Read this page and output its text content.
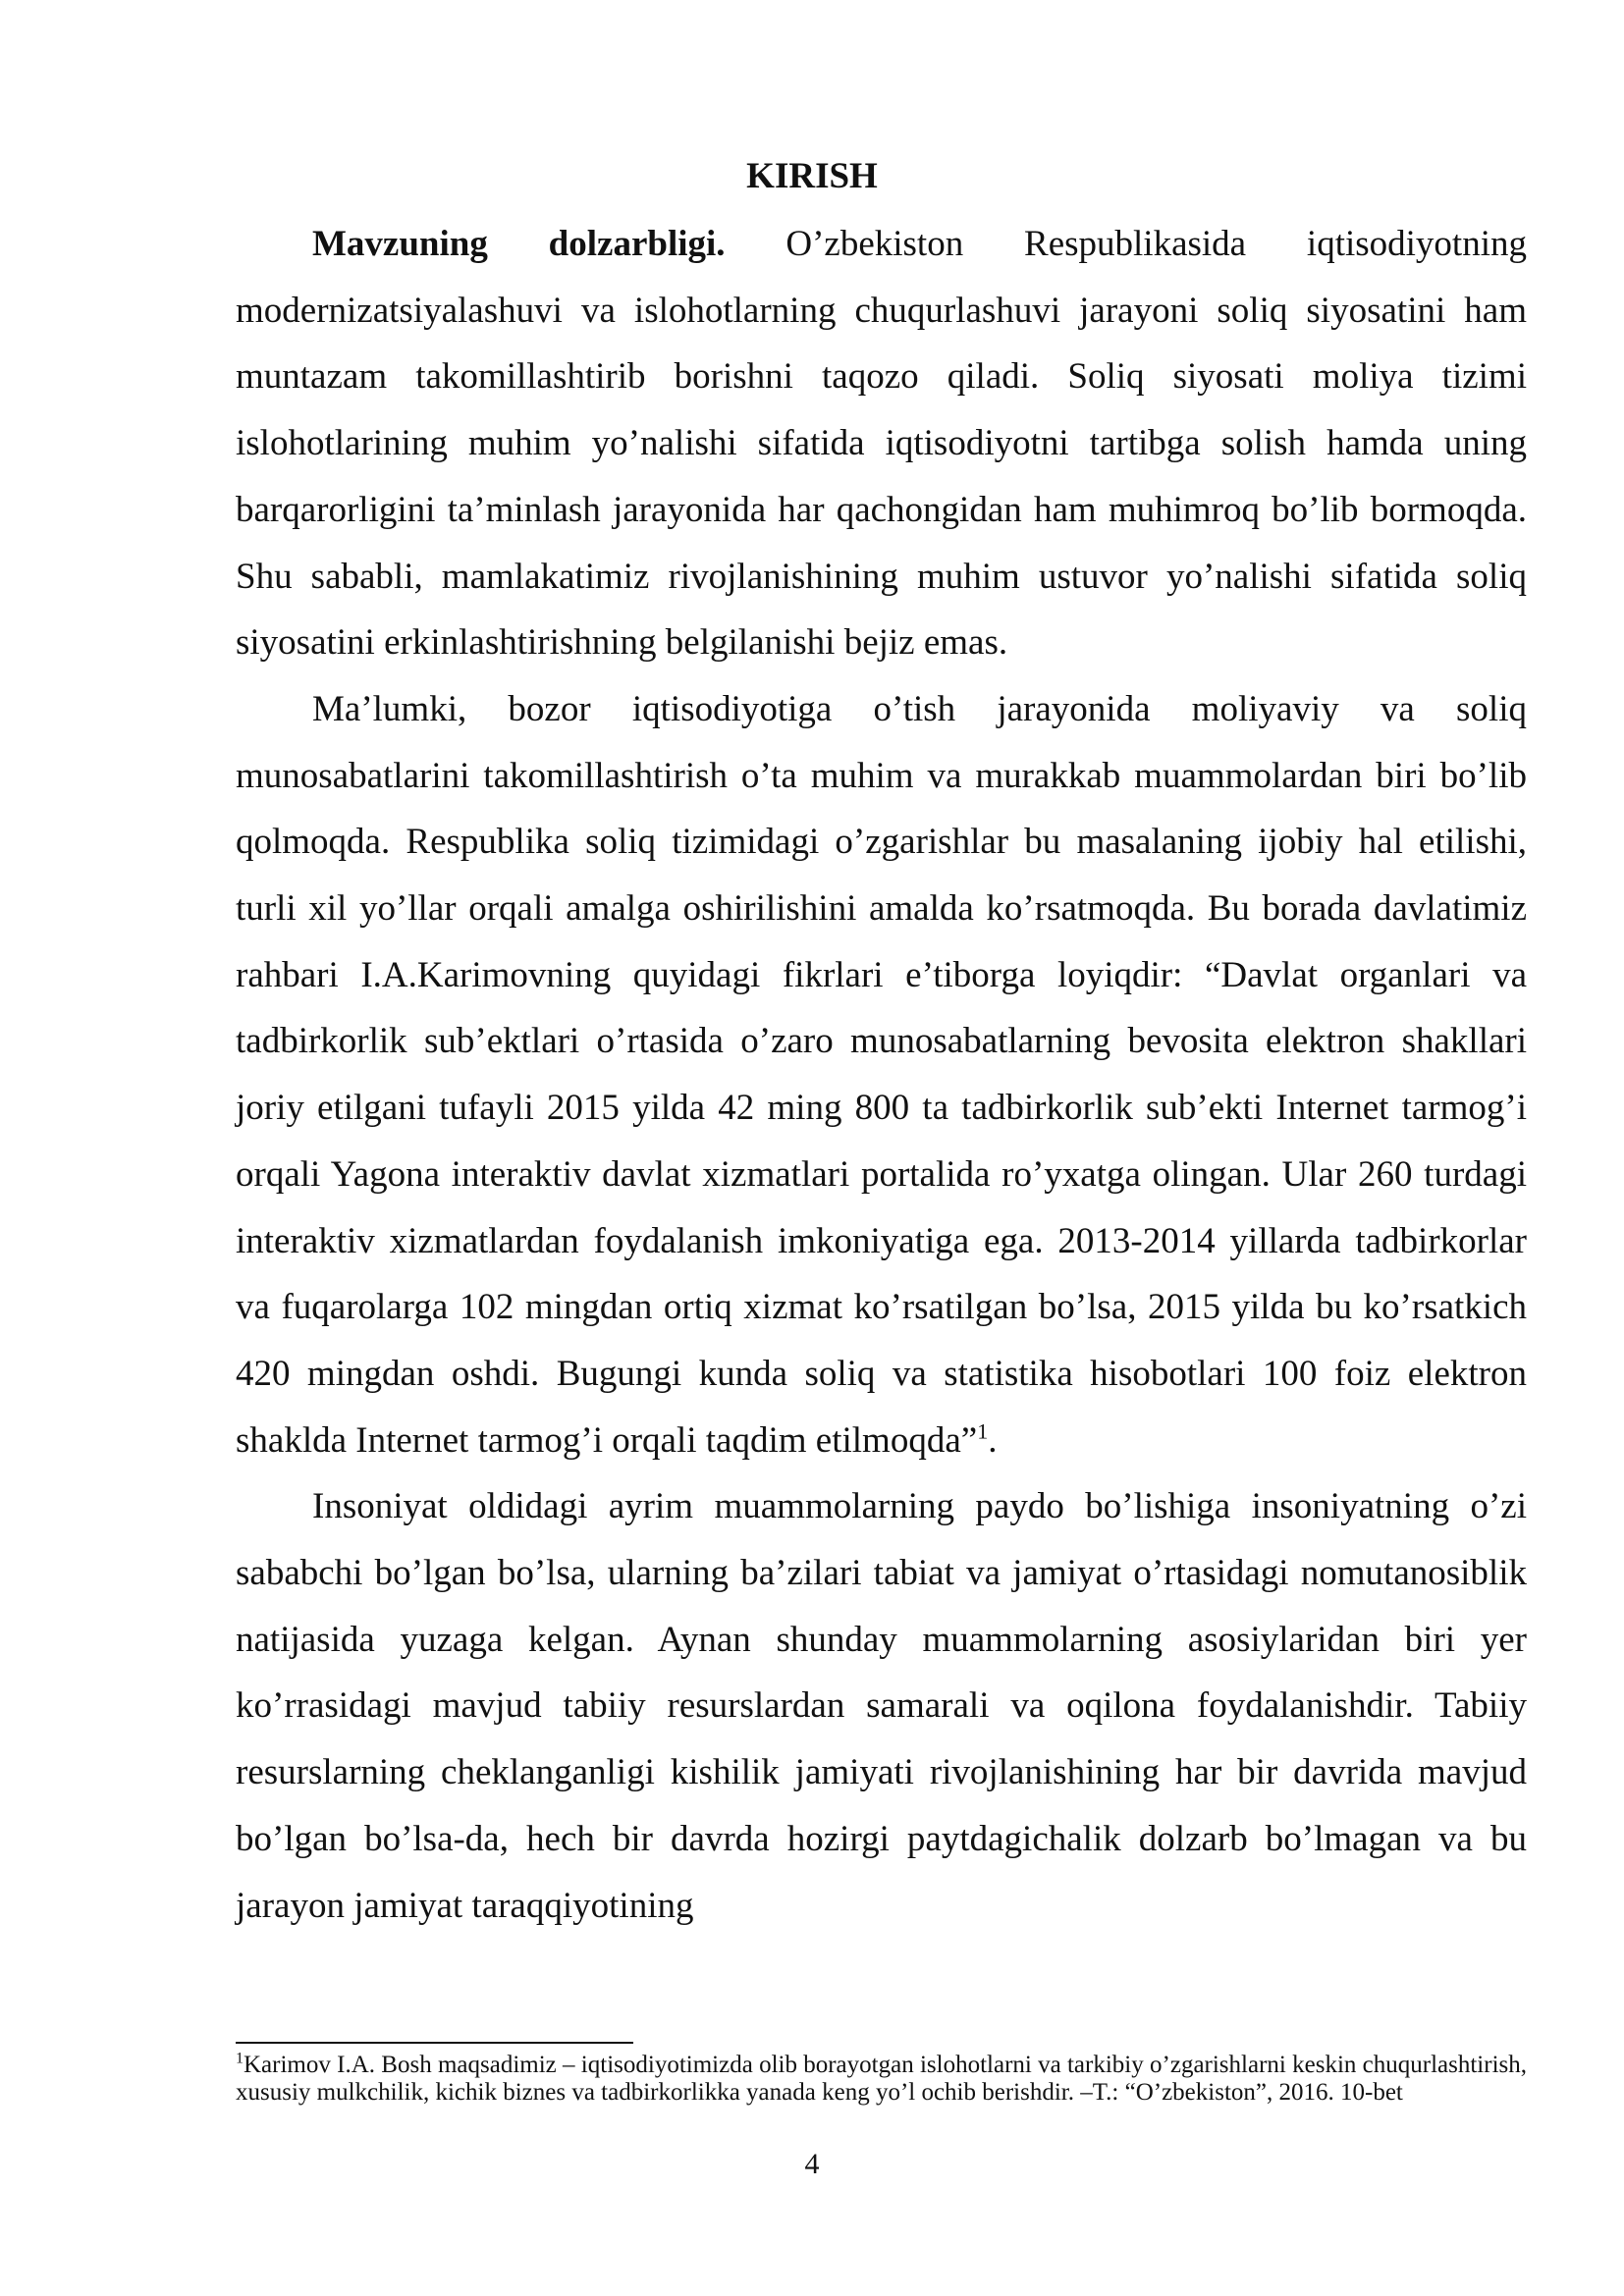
KIRISH

Mavzuning dolzarbligi. O’zbekiston Respublikasida iqtisodiyotning modernizatsiyalashuvi va islohotlarning chuqurlashuvi jarayoni soliq siyosatini ham muntazam takomillashtirib borishni taqozo qiladi. Soliq siyosati moliya tizimi islohotlarining muhim yo’nalishi sifatida iqtisodiyotni tartibga solish hamda uning barqarorligini ta’minlash jarayonida har qachongidan ham muhimroq bo’lib bormoqda. Shu sababli, mamlakatimiz rivojlanishining muhim ustuvor yo’nalishi sifatida soliq siyosatini erkinlashtirishning belgilanishi bejiz emas.

Ma’lumki, bozor iqtisodiyotiga o’tish jarayonida moliyaviy va soliq munosabatlarini takomillashtirish o’ta muhim va murakkab muammolardan biri bo’lib qolmoqda. Respublika soliq tizimidagi o’zgarishlar bu masalaning ijobiy hal etilishi, turli xil yo’llar orqali amalga oshirilishini amalda ko’rsatmoqda. Bu borada davlatimiz rahbari I.A.Karimovning quyidagi fikrlari e’tiborga loyiqdir: “Davlat organlari va tadbirkorlik sub’ektlari o’rtasida o’zaro munosabatlarning bevosita elektron shakllari joriy etilgani tufayli 2015 yilda 42 ming 800 ta tadbirkorlik sub’ekti Internet tarmog’i orqali Yagona interaktiv davlat xizmatlari portalida ro’yxatga olingan. Ular 260 turdagi interaktiv xizmatlardan foydalanish imkoniyatiga ega. 2013-2014 yillarda tadbirkorlar va fuqarolarga 102 mingdan ortiq xizmat ko’rsatilgan bo’lsa, 2015 yilda bu ko’rsatkich 420 mingdan oshdi. Bugungi kunda soliq va statistika hisobotlari 100 foiz elektron shaklda Internet tarmog’i orqali taqdim etilmoqda”$^1$.

Insoniyat oldidagi ayrim muammolarning paydo bo’lishiga insoniyatning o’zi sababchi bo’lgan bo’lsa, ularning ba’zilari tabiat va jamiyat o’rtasidagi nomutanosiblik natijasida yuzaga kelgan. Aynan shunday muammolarning asosiylaridan biri yer ko’rrasidagi mavjud tabiiy resurslardan samarali va oqilona foydalanishdir. Tabiiy resurslarning cheklanganligi kishilik jamiyati rivojlanishining har bir davrida mavjud bo’lgan bo’lsa-da, hech bir davrda hozirgi paytdagichalik dolzarb bo’lmagan va bu jarayon jamiyat taraqqiyotining

$^1$Karimov I.A. Bosh maqsadimiz – iqtisodiyotimizda olib borayotgan islohotlarni va tarkibiy o’zgarishlarni keskin chuqurlashtirish, xususiy mulkchilik, kichik biznes va tadbirkorlikka yanada keng yo’l ochib berishdir. –T.: “O’zbekiston”, 2016. 10-bet

4
